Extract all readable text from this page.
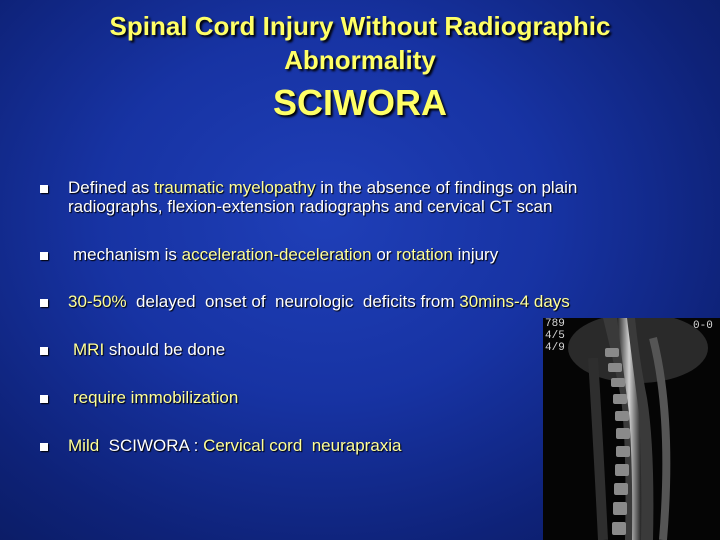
Spinal Cord Injury Without Radiographic
Abnormality
SCIWORA
Defined as traumatic myelopathy in the absence of findings on plain radiographs, flexion-extension radiographs and cervical CT scan
mechanism is acceleration-deceleration or rotation injury
30-50%  delayed  onset of  neurologic  deficits from 30mins-4 days
MRI should be done
require immobilization
Mild  SCIWORA : Cervical cord  neurapraxia
789
4/5
4/9
0-0
